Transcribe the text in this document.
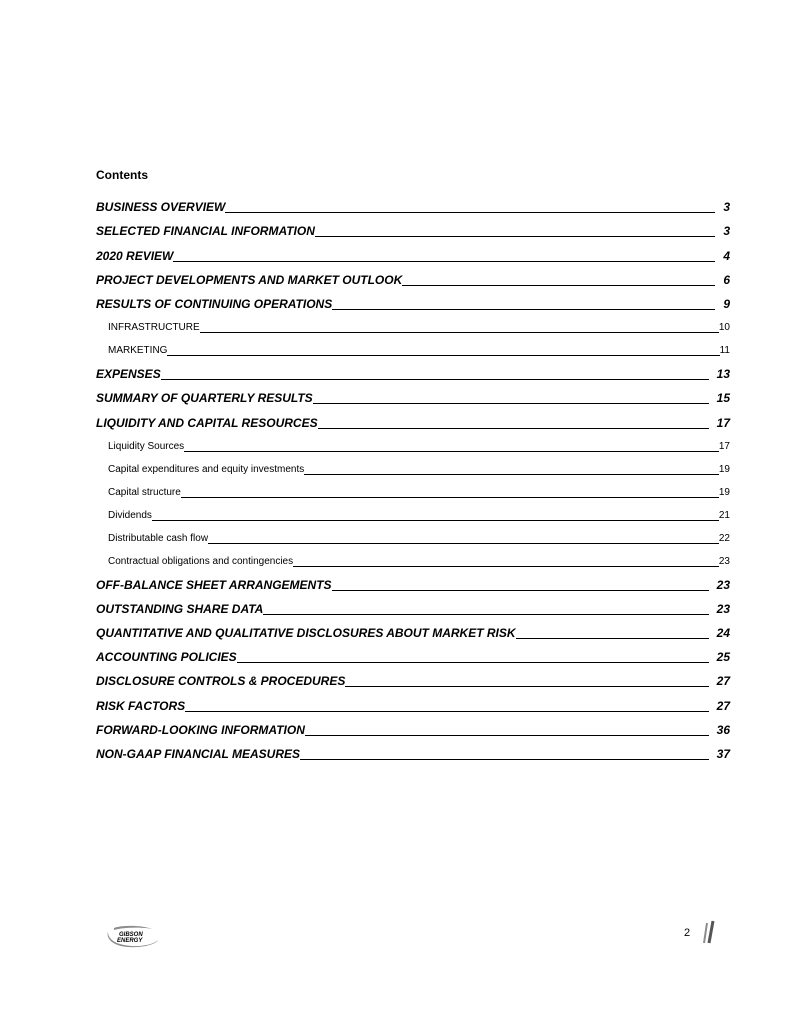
Contents
BUSINESS OVERVIEW	3
SELECTED FINANCIAL INFORMATION	3
2020 REVIEW	4
PROJECT DEVELOPMENTS AND MARKET OUTLOOK	6
RESULTS OF CONTINUING OPERATIONS	9
INFRASTRUCTURE	10
MARKETING	11
EXPENSES	13
SUMMARY OF QUARTERLY RESULTS	15
LIQUIDITY AND CAPITAL RESOURCES	17
Liquidity Sources	17
Capital expenditures and equity investments	19
Capital structure	19
Dividends	21
Distributable cash flow	22
Contractual obligations and contingencies	23
OFF-BALANCE SHEET ARRANGEMENTS	23
OUTSTANDING SHARE DATA	23
QUANTITATIVE AND QUALITATIVE DISCLOSURES ABOUT MARKET RISK	24
ACCOUNTING POLICIES	25
DISCLOSURE CONTROLS & PROCEDURES	27
RISK FACTORS	27
FORWARD-LOOKING INFORMATION	36
NON-GAAP FINANCIAL MEASURES	37
GIBSON
ENERGY
2
